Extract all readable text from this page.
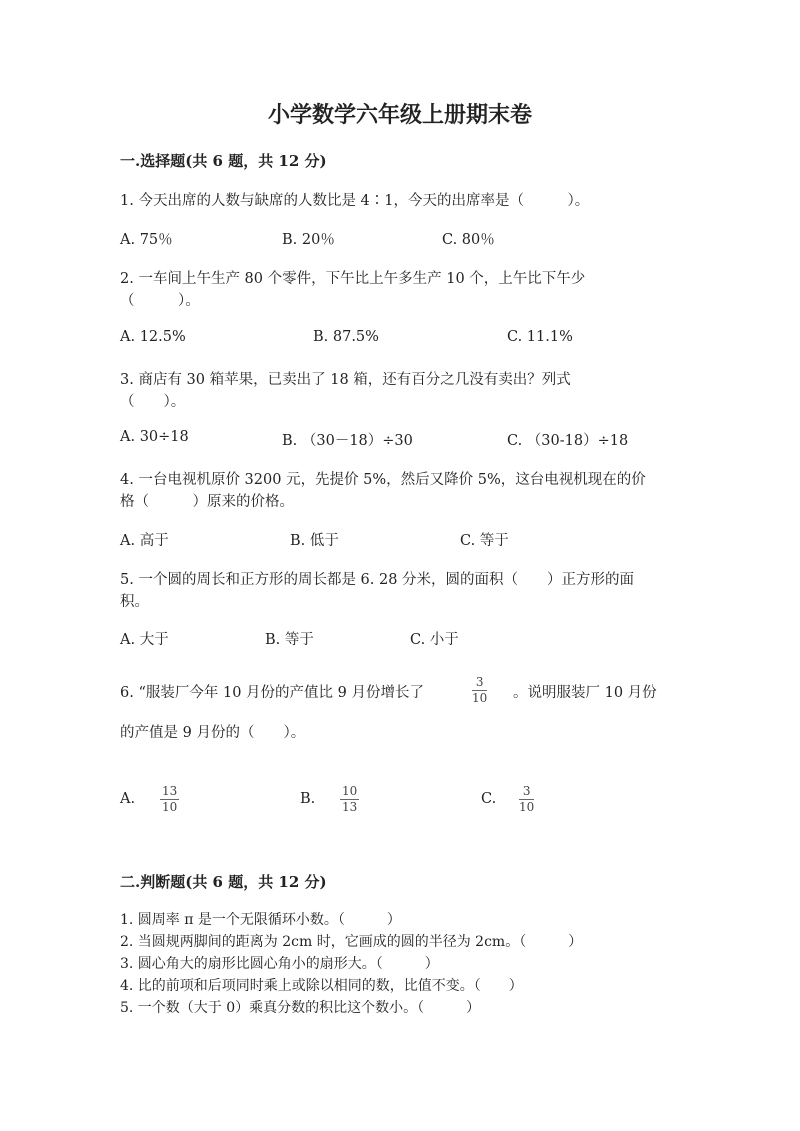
小学数学六年级上册期末卷
一.选择题(共 6 题，共 12 分)
1. 今天出席的人数与缺席的人数比是 4∶1，今天的出席率是（　　　）。
A. 75％	B. 20％	C. 80％
2. 一车间上午生产 80 个零件，下午比上午多生产 10 个，上午比下午少
（　　　）。
A. 12.5%	B. 87.5%	C. 11.1%
3. 商店有 30 箱苹果，已卖出了 18 箱，还有百分之几没有卖出？列式
（　　）。
A. 30÷18	B. （30－18）÷30	C. （30-18）÷18
4. 一台电视机原价 3200 元，先提价 5%，然后又降价 5%，这台电视机现在的价
格（　　　）原来的价格。
A. 高于	B. 低于	C. 等于
5. 一个圆的周长和正方形的周长都是 6. 28 分米，圆的面积（　　）正方形的面
积。
A. 大于	B. 等于	C. 小于
6. “服装厂今年 10 月份的产值比 9 月份增长了	$\frac{3}{10}$ 。说明服装厂 10 月份
的产值是 9 月份的（　　）。
A. $\frac{13}{10}$	B. $\frac{10}{13}$	C. $\frac{3}{10}$
二.判断题(共 6 题，共 12 分)
1. 圆周率 π 是一个无限循环小数。（　　　）
2. 当圆规两脚间的距离为 2cm 时，它画成的圆的半径为 2cm。（　　　）
3. 圆心角大的扇形比圆心角小的扇形大。（　　　）
4. 比的前项和后项同时乘上或除以相同的数，比值不变。（　　）
5. 一个数（大于 0）乘真分数的积比这个数小。（　　　）
